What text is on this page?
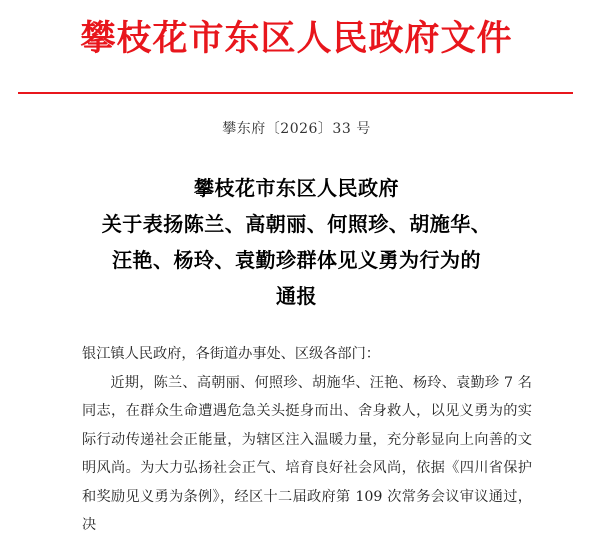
攀枝花市东区人民政府文件
攀东府〔2026〕33 号
攀枝花市东区人民政府
关于表扬陈兰、高朝丽、何照珍、胡施华、
汪艳、杨玲、袁勤珍群体见义勇为行为的
通报

银江镇人民政府，各街道办事处、区级各部门：

近期，陈兰、高朝丽、何照珍、胡施华、汪艳、杨玲、袁勤珍 7 名同志，在群众生命遭遇危急关头挺身而出、舍身救人，以见义勇为的实际行动传递社会正能量，为辖区注入温暖力量，充分彰显向上向善的文明风尚。为大力弘扬社会正气、培育良好社会风尚，依据《四川省保护和奖励见义勇为条例》，经区十二届政府第 109 次常务会议审议通过，决
